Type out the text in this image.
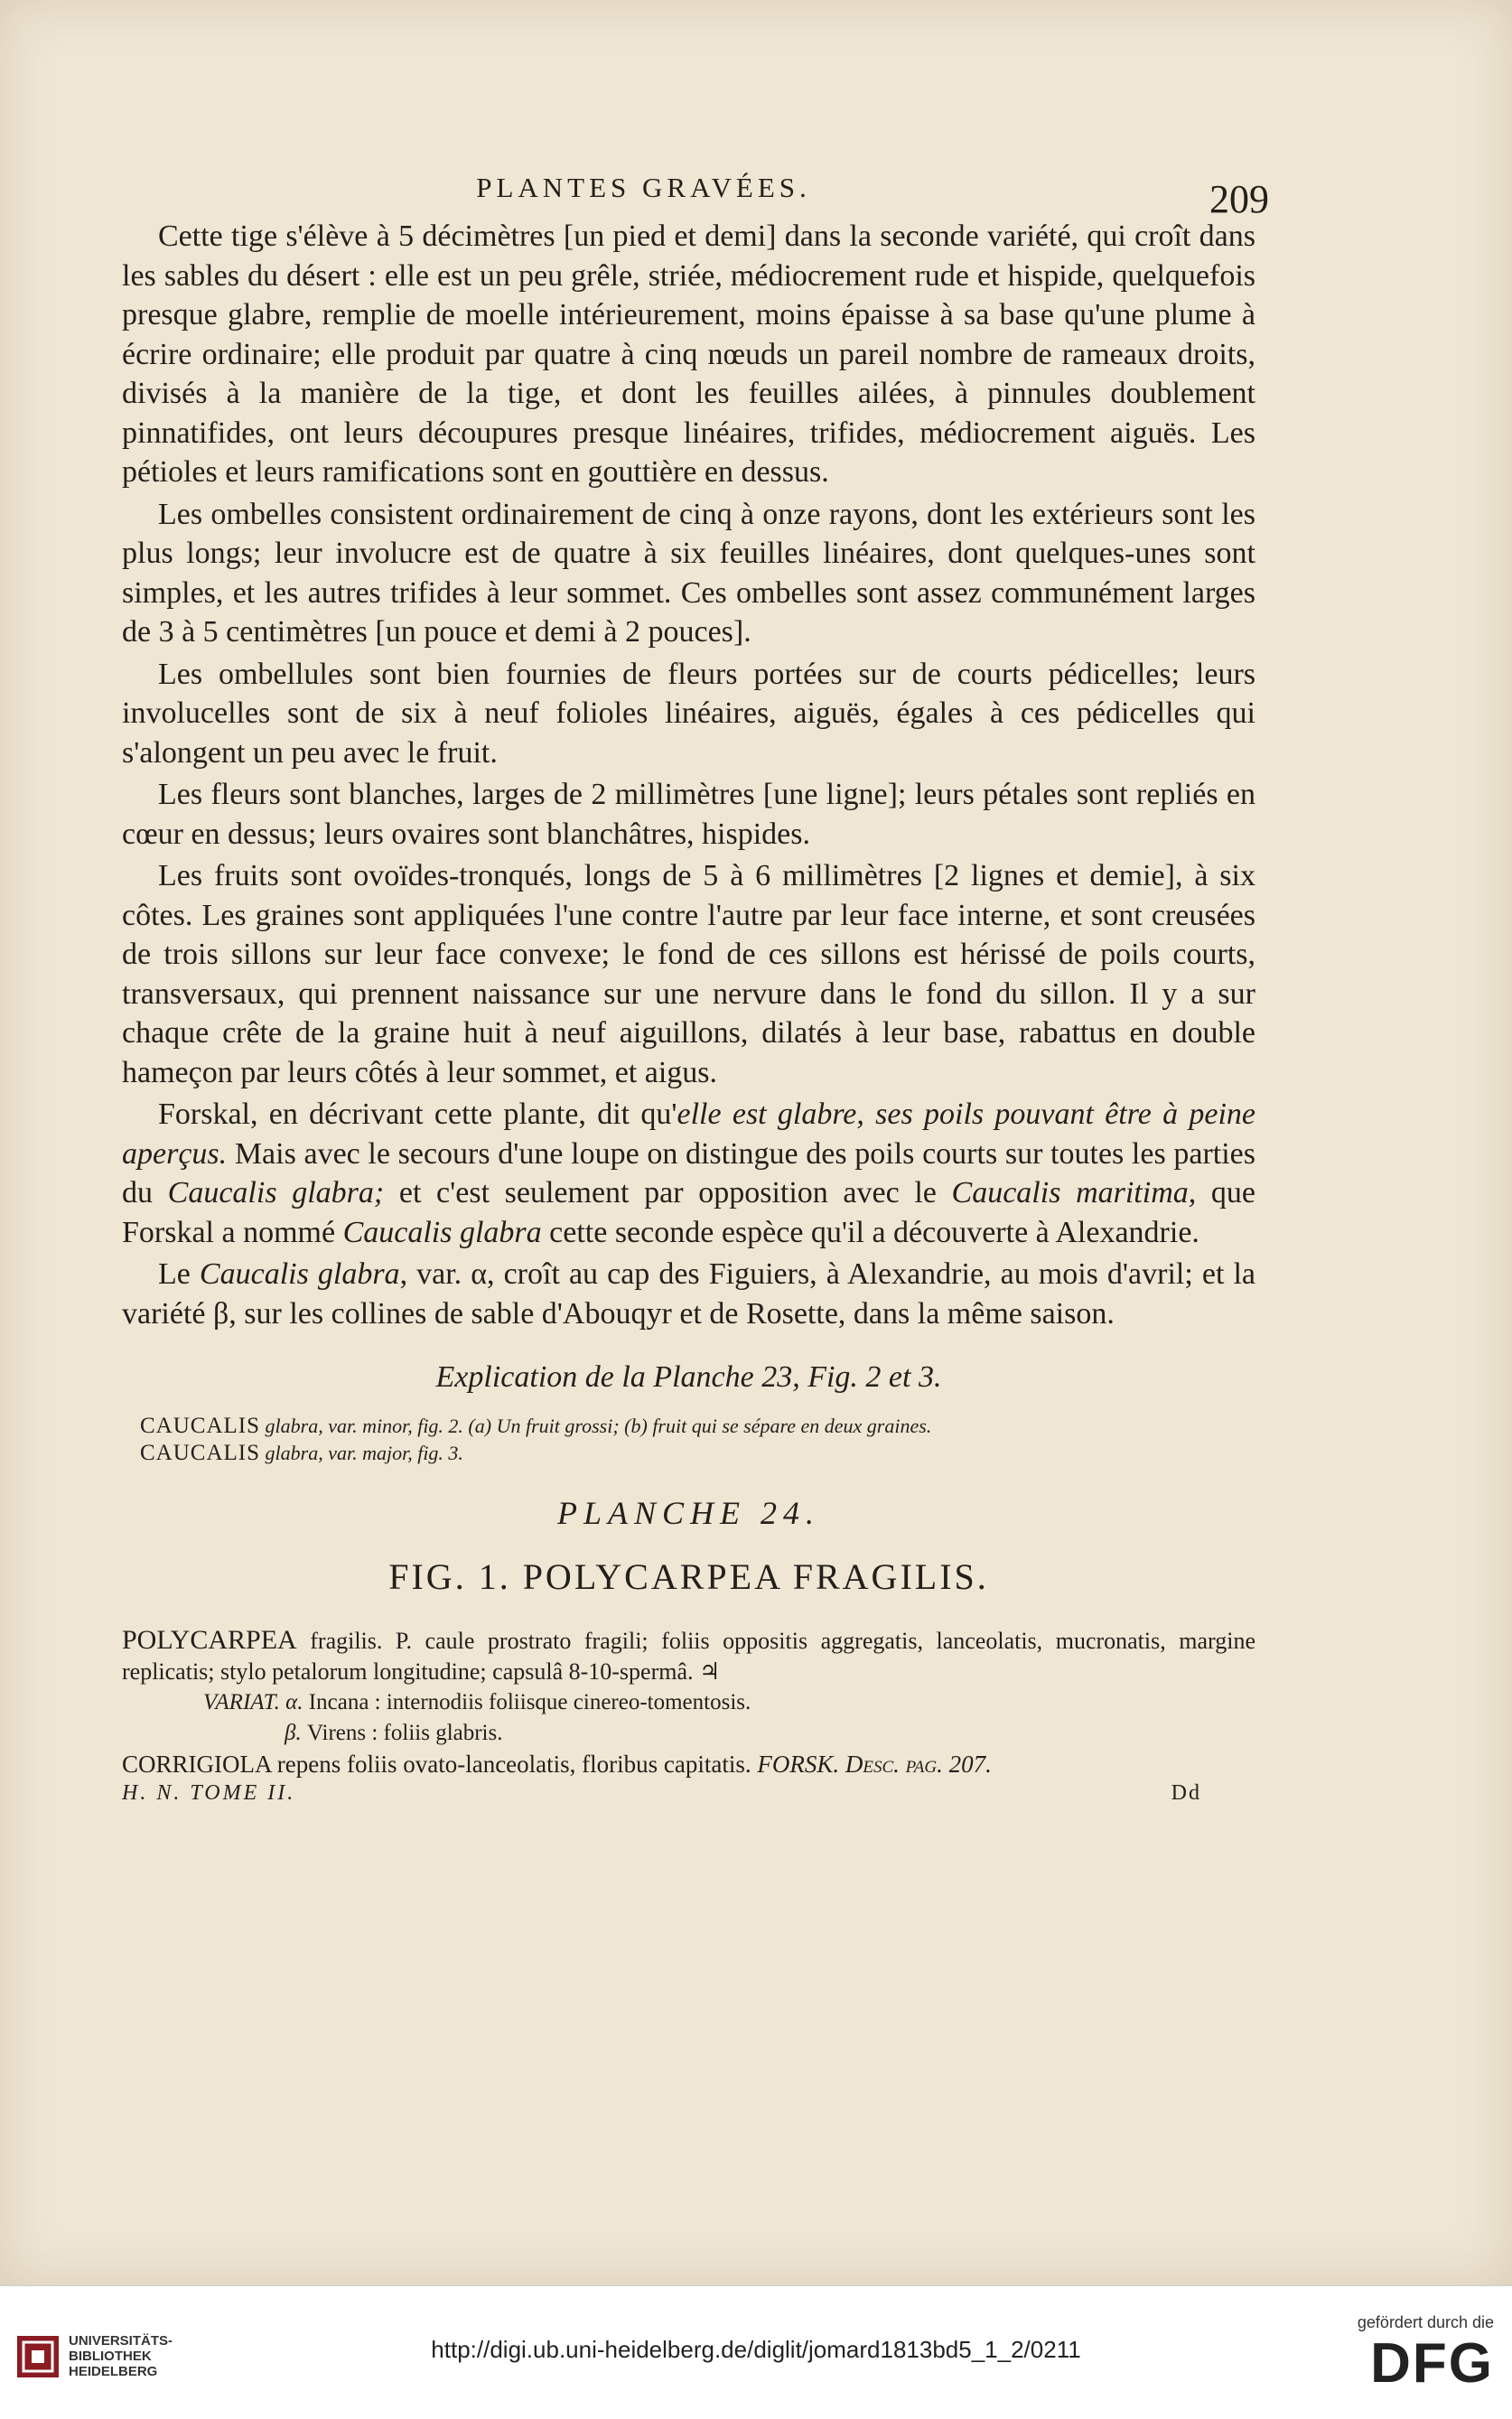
PLANTES GRAVÉES.	209

Cette tige s'élève à 5 décimètres [un pied et demi] dans la seconde variété, qui croît dans les sables du désert : elle est un peu grêle, striée, médiocrement rude et hispide, quelquefois presque glabre, remplie de moelle intérieurement, moins épaisse à sa base qu'une plume à écrire ordinaire; elle produit par quatre à cinq nœuds un pareil nombre de rameaux droits, divisés à la manière de la tige, et dont les feuilles ailées, à pinnules doublement pinnatifides, ont leurs découpures presque linéaires, trifides, médiocrement aiguës. Les pétioles et leurs ramifications sont en gouttière en dessus.

Les ombelles consistent ordinairement de cinq à onze rayons, dont les extérieurs sont les plus longs; leur involucre est de quatre à six feuilles linéaires, dont quelques-unes sont simples, et les autres trifides à leur sommet. Ces ombelles sont assez communément larges de 3 à 5 centimètres [un pouce et demi à 2 pouces].

Les ombellules sont bien fournies de fleurs portées sur de courts pédicelles; leurs involucelles sont de six à neuf folioles linéaires, aiguës, égales à ces pédicelles qui s'alongent un peu avec le fruit.

Les fleurs sont blanches, larges de 2 millimètres [une ligne]; leurs pétales sont repliés en cœur en dessus; leurs ovaires sont blanchâtres, hispides.

Les fruits sont ovoïdes-tronqués, longs de 5 à 6 millimètres [2 lignes et demie], à six côtes. Les graines sont appliquées l'une contre l'autre par leur face interne, et sont creusées de trois sillons sur leur face convexe; le fond de ces sillons est hérissé de poils courts, transversaux, qui prennent naissance sur une nervure dans le fond du sillon. Il y a sur chaque crête de la graine huit à neuf aiguillons, dilatés à leur base, rabattus en double hameçon par leurs côtés à leur sommet, et aigus.

Forskal, en décrivant cette plante, dit qu'elle est glabre, ses poils pouvant être à peine aperçus. Mais avec le secours d'une loupe on distingue des poils courts sur toutes les parties du Caucalis glabra; et c'est seulement par opposition avec le Caucalis maritima, que Forskal a nommé Caucalis glabra cette seconde espèce qu'il a découverte à Alexandrie.

Le Caucalis glabra, var. α, croît au cap des Figuiers, à Alexandrie, au mois d'avril; et la variété β, sur les collines de sable d'Abouqyr et de Rosette, dans la même saison.

Explication de la Planche 23, Fig. 2 et 3.
CAUCALIS glabra, var. minor, fig. 2. (a) Un fruit grossi; (b) fruit qui se sépare en deux graines.
CAUCALIS glabra, var. major, fig. 3.
PLANCHE 24.
FIG. 1. POLYCARPEA FRAGILIS.
POLYCARPEA fragilis. P. caule prostrato fragili; foliis oppositis aggregatis, lanceolatis, mucronatis, margine replicatis; stylo petalorum longitudine; capsulâ 8-10-spermâ. ♃
VARIAT. α. Incana : internodiis foliisque cinereo-tomentosis.
β. Virens : foliis glabris.
CORRIGIOLA repens foliis ovato-lanceolatis, floribus capitatis. FORSK. Desc. pag. 207.
H. N. TOME II.	Dd
UNIVERSITÄTS-
BIBLIOTHEK
HEIDELBERG
http://digi.ub.uni-heidelberg.de/diglit/jomard1813bd5_1_2/0211
gefördert durch die
DFG
